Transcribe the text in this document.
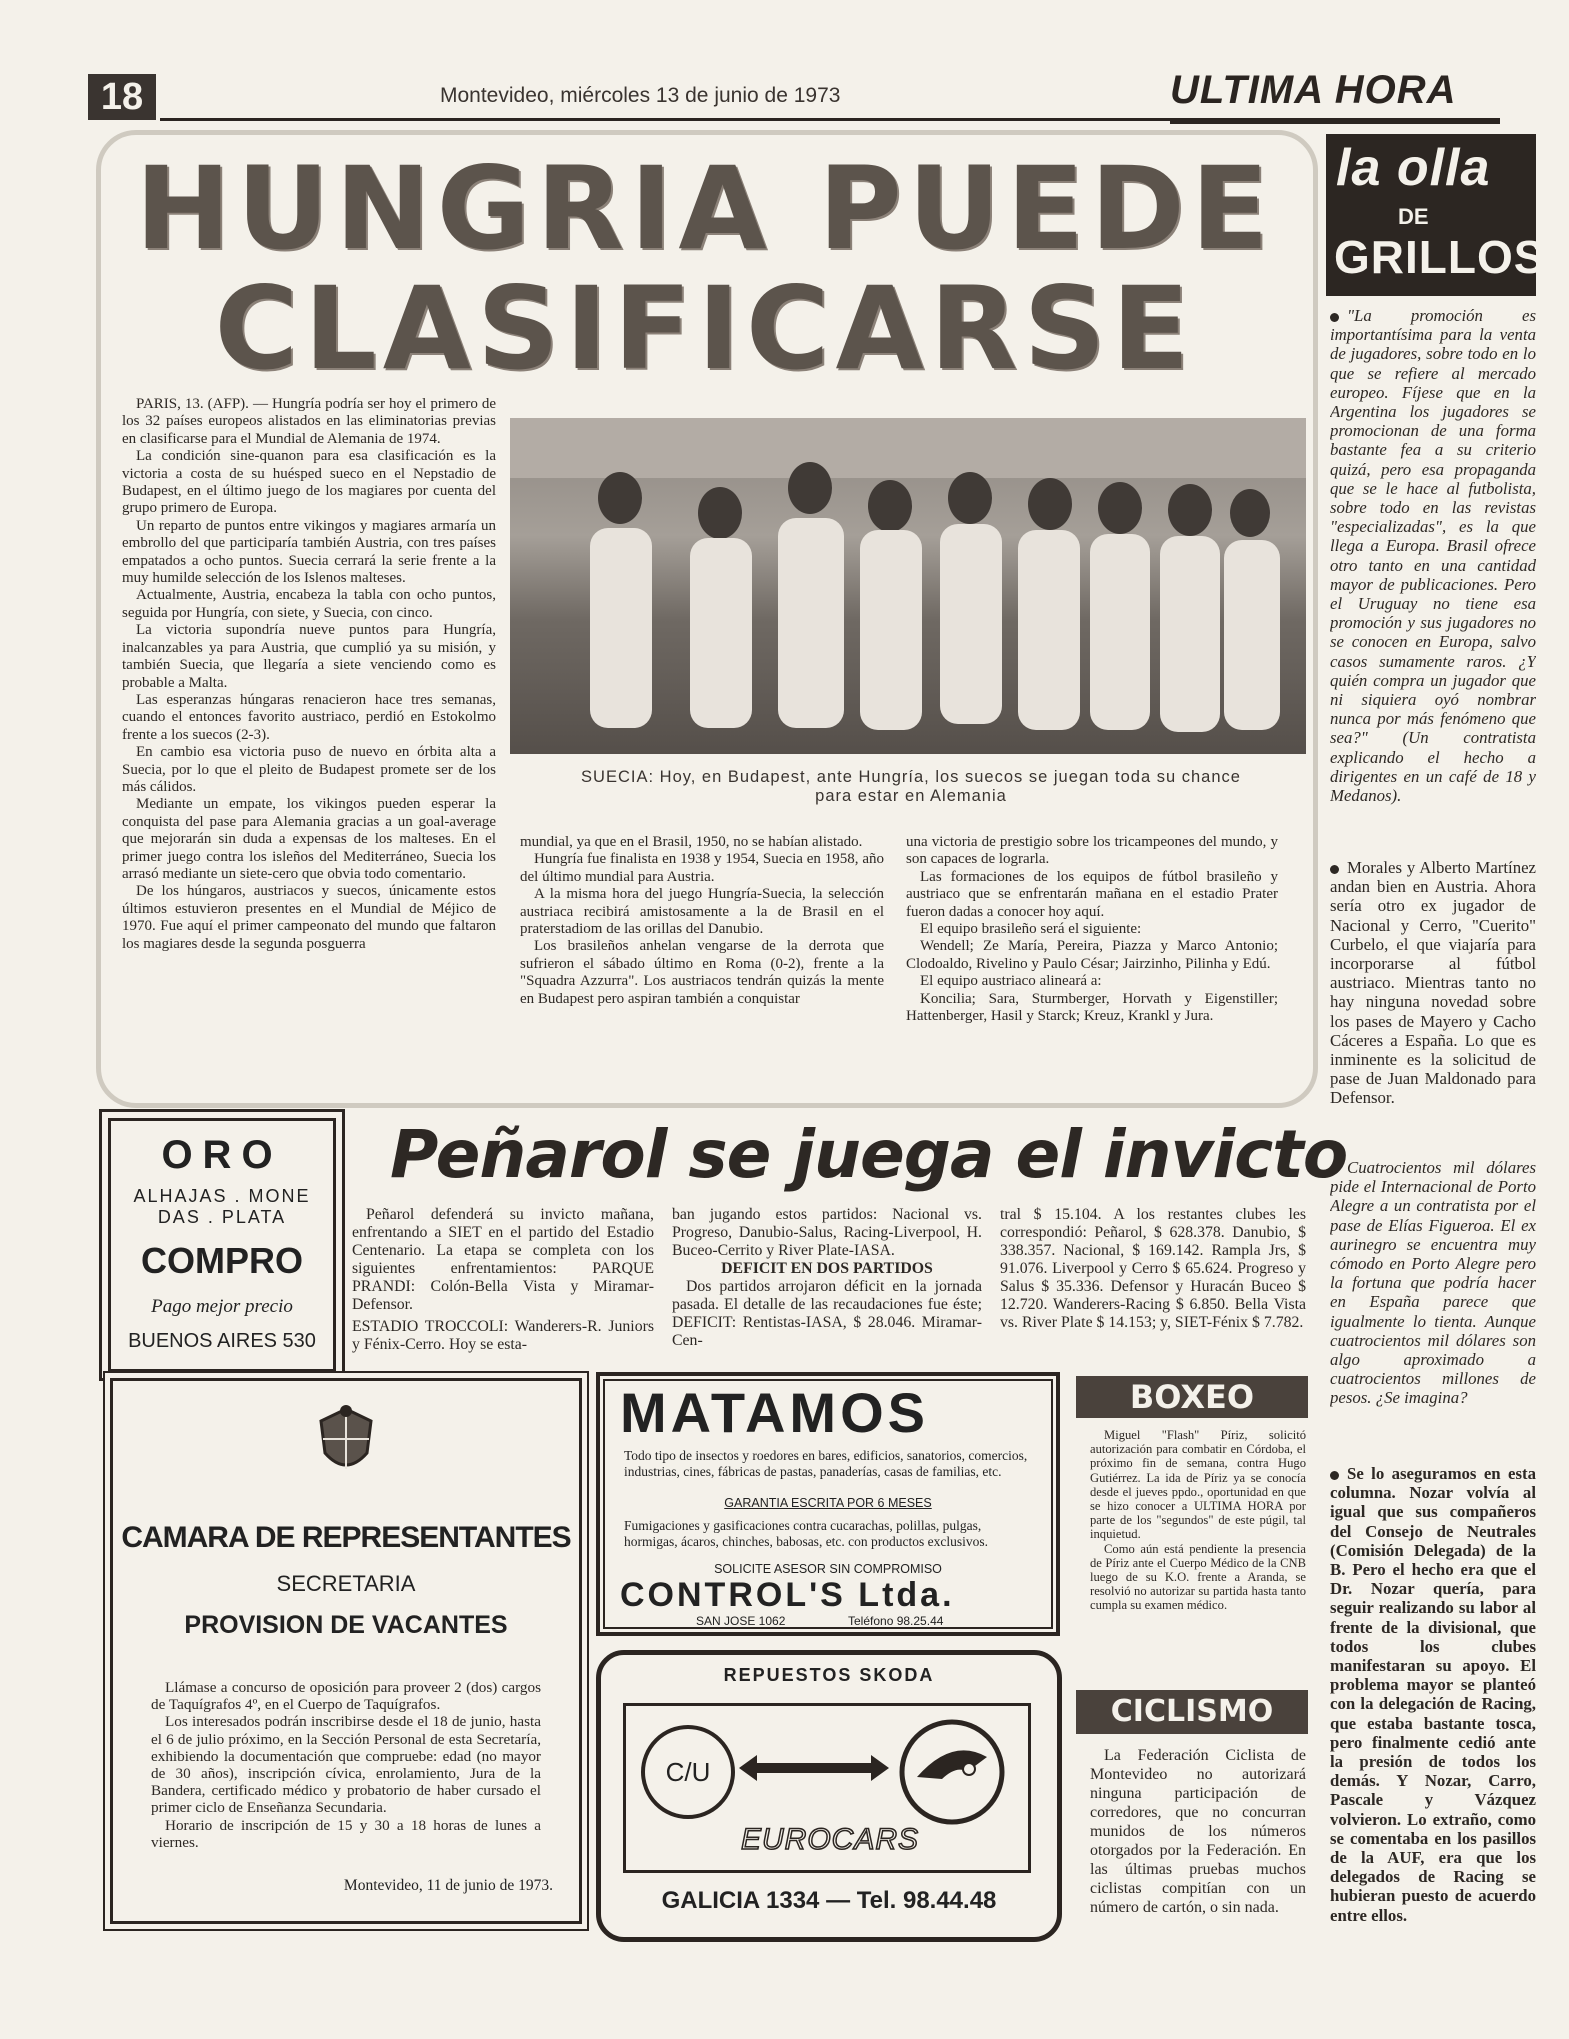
18	Montevideo, miércoles 13 de junio de 1973	ULTIMA HORA
HUNGRIA PUEDE
CLASIFICARSE

PARIS, 13. (AFP). — Hungría podría ser hoy el primero de los 32 países europeos alistados en las eliminatorias previas en clasificarse para el Mundial de Alemania de 1974.

La condición sine-quanon para esa clasificación es la victoria a costa de su huésped sueco en el Nepstadio de Budapest, en el último juego de los magiares por cuenta del grupo primero de Europa.

Un reparto de puntos entre vikingos y magiares armaría un embrollo del que participaría también Austria, con tres países empatados a ocho puntos. Suecia cerrará la serie frente a la muy humilde selección de los Islenos malteses.

Actualmente, Austria, encabeza la tabla con ocho puntos, seguida por Hungría, con siete, y Suecia, con cinco.

La victoria supondría nueve puntos para Hungría, inalcanzables ya para Austria, que cumplió ya su misión, y también Suecia, que llegaría a siete venciendo como es probable a Malta.

Las esperanzas húngaras renacieron hace tres semanas, cuando el entonces favorito austriaco, perdió en Estokolmo frente a los suecos (2-3).

En cambio esa victoria puso de nuevo en órbita alta a Suecia, por lo que el pleito de Budapest promete ser de los más cálidos.

Mediante un empate, los vikingos pueden esperar la conquista del pase para Alemania gracias a un goal-average que mejorarán sin duda a expensas de los malteses. En el primer juego contra los isleños del Mediterráneo, Suecia los arrasó mediante un siete-cero que obvia todo comentario.

De los húngaros, austriacos y suecos, únicamente estos últimos estuvieron presentes en el Mundial de Méjico de 1970. Fue aquí el primer campeonato del mundo que faltaron los magiares desde la segunda posguerra

SUECIA: Hoy, en Budapest, ante Hungría, los suecos se juegan toda su chance
para estar en Alemania

mundial, ya que en el Brasil, 1950, no se habían alistado.

Hungría fue finalista en 1938 y 1954, Suecia en 1958, año del último mundial para Austria.

A la misma hora del juego Hungría-Suecia, la selección austriaca recibirá amistosamente a la de Brasil en el praterstadiom de las orillas del Danubio.

Los brasileños anhelan vengarse de la derrota que sufrieron el sábado último en Roma (0-2), frente a la "Squadra Azzurra". Los austriacos tendrán quizás la mente en Budapest pero aspiran también a conquistar

una victoria de prestigio sobre los tricampeones del mundo, y son capaces de lograrla.

Las formaciones de los equipos de fútbol brasileño y austriaco que se enfrentarán mañana en el estadio Prater fueron dadas a conocer hoy aquí.

El equipo brasileño será el siguiente:

Wendell; Ze María, Pereira, Piazza y Marco Antonio; Clodoaldo, Rivelino y Paulo César; Jairzinho, Pilinha y Edú.

El equipo austriaco alineará a:

Koncilia; Sara, Sturmberger, Horvath y Eigenstiller; Hattenberger, Hasil y Starck; Kreuz, Krankl y Jura.

la olla
DE
GRILLOS
"La promoción es importantísima para la venta de jugadores, sobre todo en lo que se refiere al mercado europeo. Fíjese que en la Argentina los jugadores se promocionan de una forma bastante fea a su criterio quizá, pero esa propaganda que se le hace al futbolista, sobre todo en las revistas "especializadas", es la que llega a Europa. Brasil ofrece otro tanto en una cantidad mayor de publicaciones. Pero el Uruguay no tiene esa promoción y sus jugadores no se conocen en Europa, salvo casos sumamente raros. ¿Y quién compra un jugador que ni siquiera oyó nombrar nunca por más fenómeno que sea?" (Un contratista explicando el hecho a dirigentes en un café de 18 y Medanos).
Morales y Alberto Martínez andan bien en Austria. Ahora sería otro ex jugador de Nacional y Cerro, "Cuerito" Curbelo, el que viajaría para incorporarse al fútbol austriaco. Mientras tanto no hay ninguna novedad sobre los pases de Mayero y Cacho Cáceres a España. Lo que es inminente es la solicitud de pase de Juan Maldonado para Defensor.
Cuatrocientos mil dólares pide el Internacional de Porto Alegre a un contratista por el pase de Elías Figueroa. El ex aurinegro se encuentra muy cómodo en Porto Alegre pero la fortuna que podría hacer en España parece que igualmente lo tienta. Aunque cuatrocientos mil dólares son algo aproximado a cuatrocientos millones de pesos. ¿Se imagina?
Se lo aseguramos en esta columna. Nozar volvía al igual que sus compañeros del Consejo de Neutrales (Comisión Delegada) de la B. Pero el hecho era que el Dr. Nozar quería, para seguir realizando su labor al frente de la divisional, que todos los clubes manifestaran su apoyo. El problema mayor se planteó con la delegación de Racing, que estaba bastante tosca, pero finalmente cedió ante la presión de todos los demás. Y Nozar, Carro, Pascale y Vázquez volvieron. Lo extraño, como se comentaba en los pasillos de la AUF, era que los delegados de Racing se hubieran puesto de acuerdo entre ellos.
ORO
ALHAJAS . MONE
DAS . PLATA
COMPRO
Pago mejor precio
BUENOS AIRES 530
Peñarol se juega el invicto

Peñarol defenderá su invicto mañana, enfrentando a SIET en el partido del Estadio Centenario. La etapa se completa con los siguientes enfrentamientos: PARQUE PRANDI: Colón-Bella Vista y Miramar-Defensor.

ESTADIO TROCCOLI: Wanderers-R. Juniors y Fénix-Cerro. Hoy se esta-

ban jugando estos partidos: Nacional vs. Progreso, Danubio-Salus, Racing-Liverpool, H. Buceo-Cerrito y River Plate-IASA.

DEFICIT EN DOS PARTIDOS

Dos partidos arrojaron déficit en la jornada pasada. El detalle de las recaudaciones fue éste; DEFICIT: Rentistas-IASA, $ 28.046. Miramar-Cen-

tral $ 15.104. A los restantes clubes les correspondió: Peñarol, $ 628.378. Danubio, $ 338.357. Nacional, $ 169.142. Rampla Jrs, $ 91.076. Liverpool y Cerro $ 65.624. Progreso y Salus $ 35.336. Defensor y Huracán Buceo $ 12.720. Wanderers-Racing $ 6.850. Bella Vista vs. River Plate $ 14.153; y, SIET-Fénix $ 7.782.

CAMARA DE REPRESENTANTES
SECRETARIA
PROVISION DE VACANTES

Llámase a concurso de oposición para proveer 2 (dos) cargos de Taquígrafos 4º, en el Cuerpo de Taquígrafos.

Los interesados podrán inscribirse desde el 18 de junio, hasta el 6 de julio próximo, en la Sección Personal de esta Secretaría, exhibiendo la documentación que compruebe: edad (no mayor de 30 años), inscripción cívica, enrolamiento, Jura de la Bandera, certificado médico y probatorio de haber cursado el primer ciclo de Enseñanza Secundaria.

Horario de inscripción de 15 y 30 a 18 horas de lunes a viernes.

Montevideo, 11 de junio de 1973.
MATAMOS
Todo tipo de insectos y roedores en bares, edificios, sanatorios, comercios, industrias, cines, fábricas de pastas, panaderías, casas de familias, etc.
GARANTIA ESCRITA POR 6 MESES
Fumigaciones y gasificaciones contra cucarachas, polillas, pulgas, hormigas, ácaros, chinches, babosas, etc. con productos exclusivos.
SOLICITE ASESOR SIN COMPROMISO
CONTROL'S Ltda.
SAN JOSE 1062	Teléfono 98.25.44
REPUESTOS SKODA
C/U
EUROCARS
GALICIA 1334 — Tel. 98.44.48
BOXEO

Miguel "Flash" Píriz, solicitó autorización para combatir en Córdoba, el próximo fin de semana, contra Hugo Gutiérrez. La ida de Píriz ya se conocía desde el jueves ppdo., oportunidad en que se hizo conocer a ULTIMA HORA por parte de los "segundos" de este púgil, tal inquietud.

Como aún está pendiente la presencia de Píriz ante el Cuerpo Médico de la CNB luego de su K.O. frente a Aranda, se resolvió no autorizar su partida hasta tanto cumpla su examen médico.

CICLISMO

La Federación Ciclista de Montevideo no autorizará ninguna participación de corredores, que no concurran munidos de los números otorgados por la Federación. En las últimas pruebas muchos ciclistas compitían con un número de cartón, o sin nada.
